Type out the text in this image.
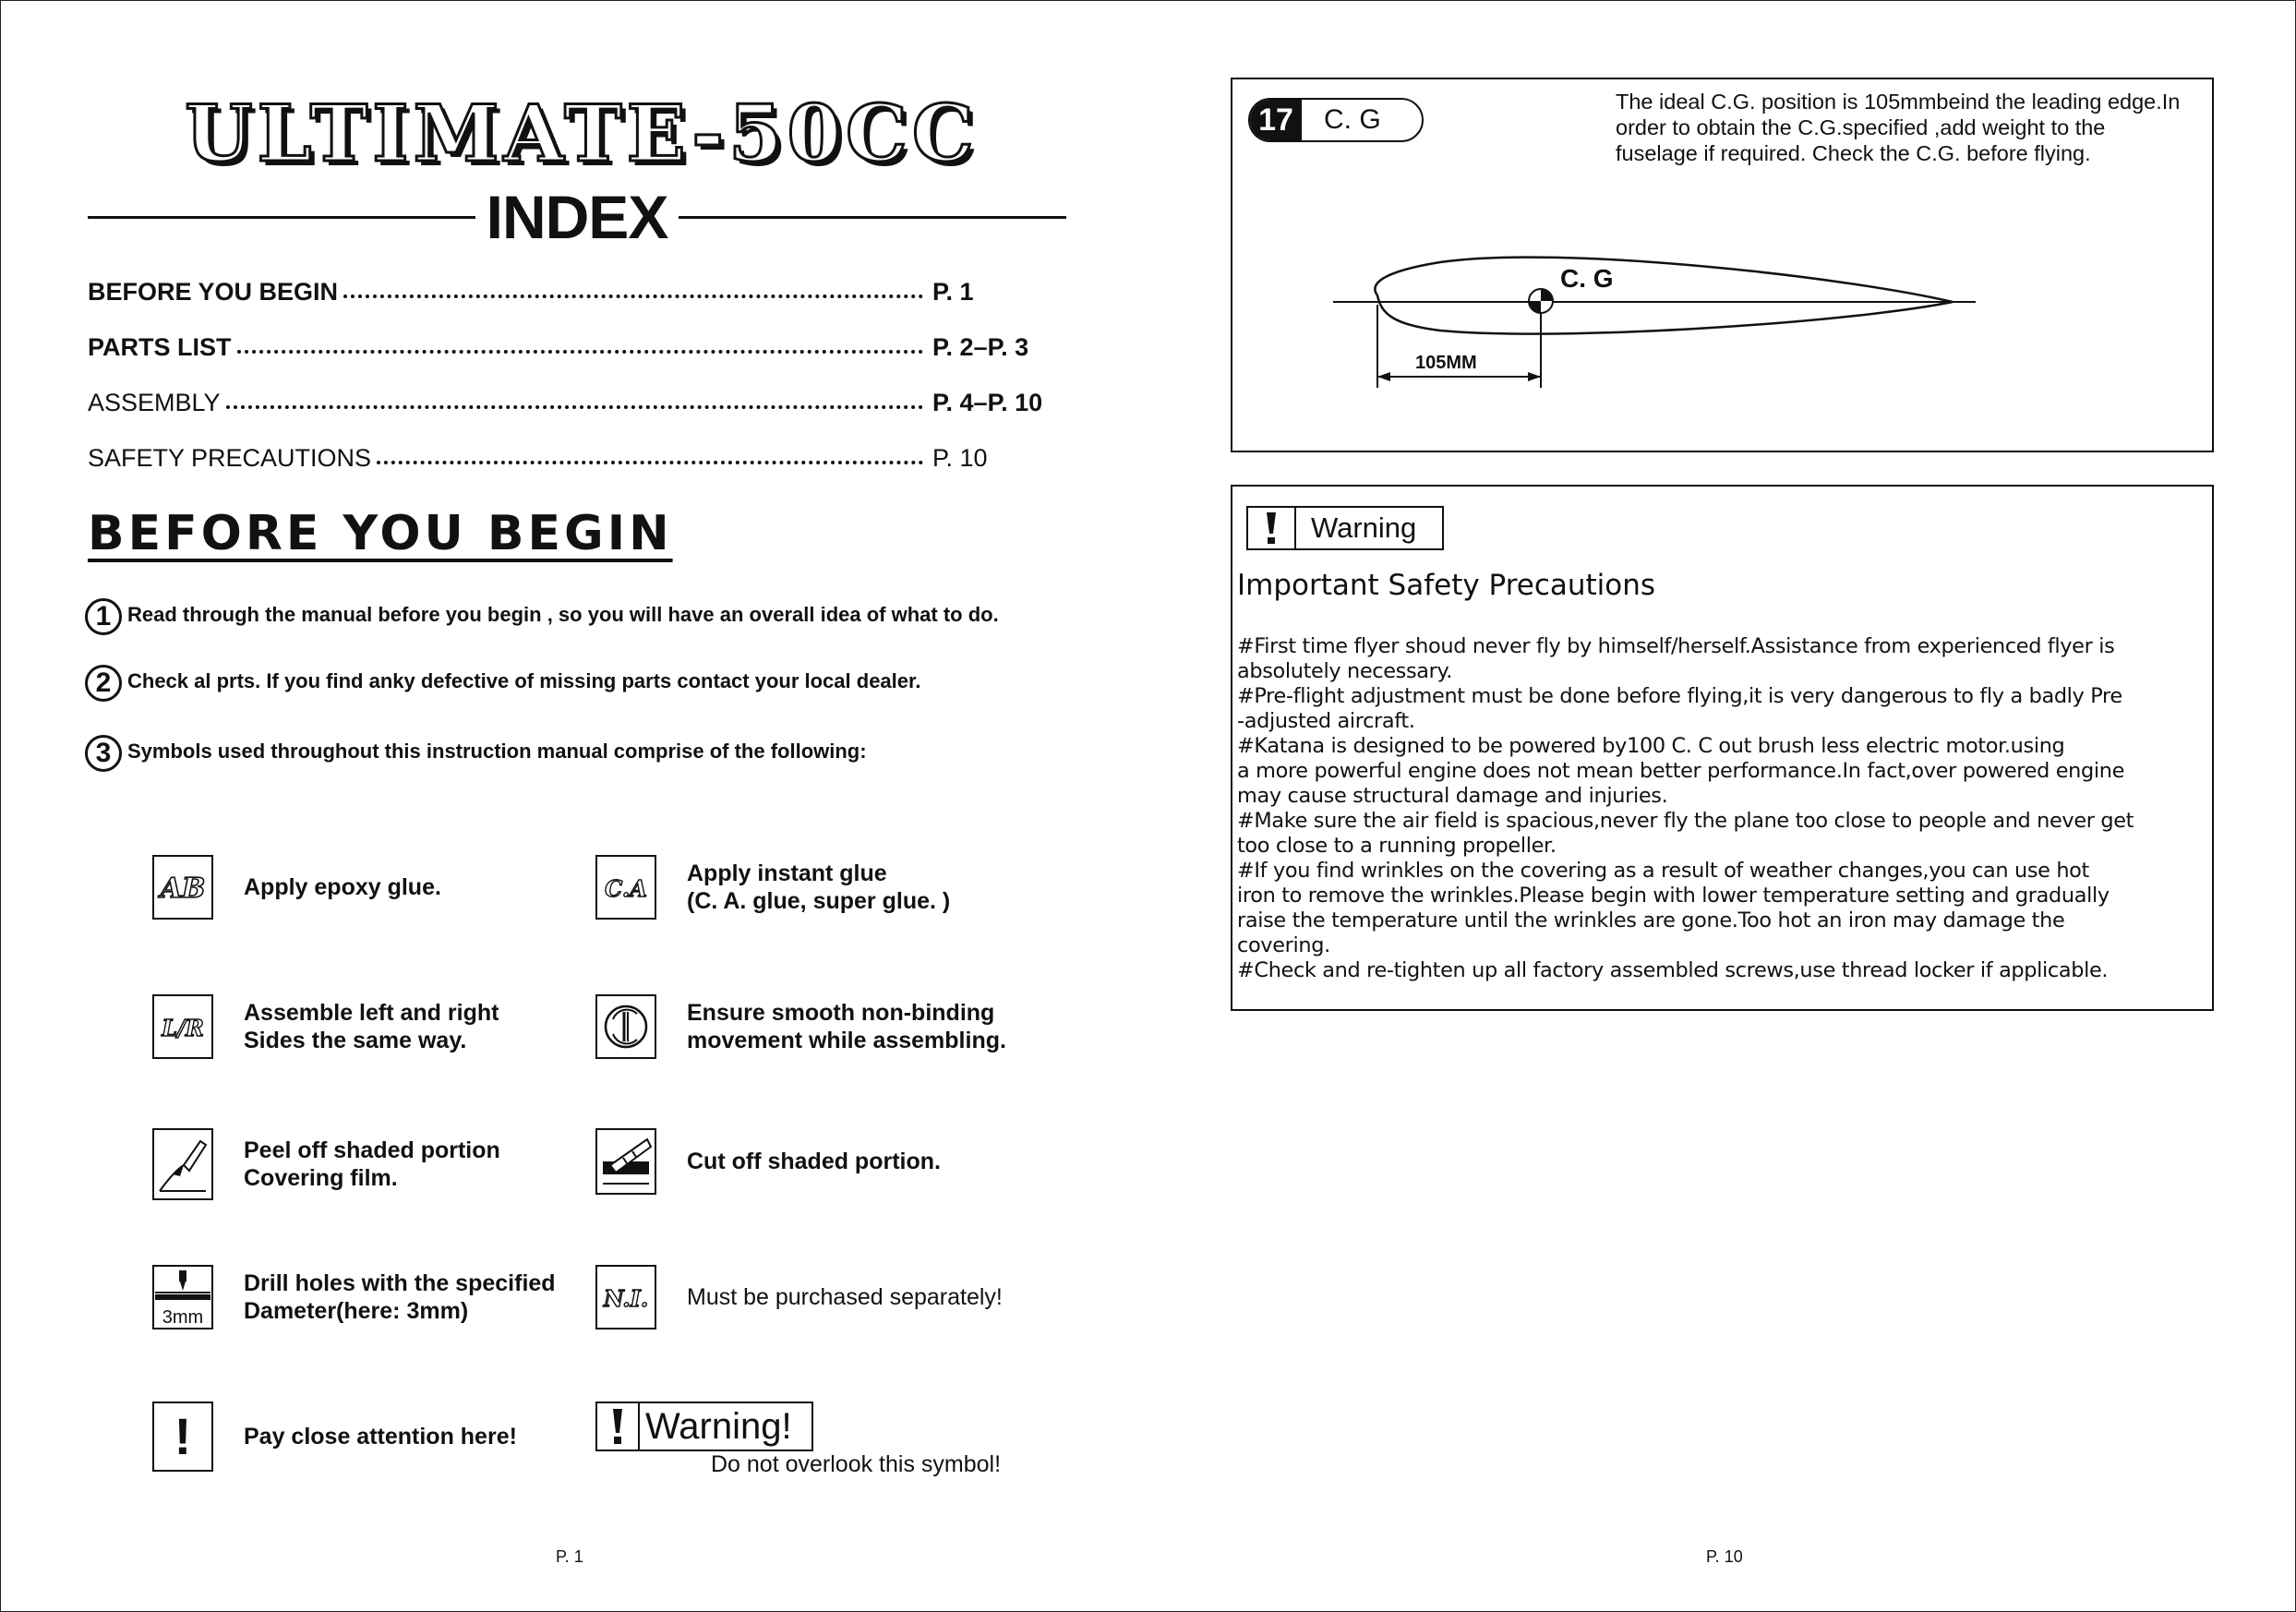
ULTIMATE-50CC
INDEX
BEFORE YOU BEGIN	P. 1
PARTS LIST	P. 2–P. 3
ASSEMBLY	P. 4–P. 10
SAFETY PRECAUTIONS	P. 10
BEFORE YOU BEGIN
1 Read through the manual before you begin , so you will have an overall idea of what to do.
2 Check al prts. If you find anky defective of missing parts contact your local dealer.
3 Symbols used throughout this instruction manual comprise of the following:
AB Apply epoxy glue.	C.A
Apply instant glue
(C. A. glue, super glue. )
L/R
Assemble left and right
Sides the same way.
Ensure smooth non-binding
movement while assembling.
Peel off shaded portion
Covering film.
Cut off shaded portion.
3mm
Drill holes with the specified
Dameter(here: 3mm)	N.I. Must be purchased separately!
! Pay close attention here!	Warning!
Do not overlook this symbol!
P. 1
17	C. G
The ideal C.G. position is 105mmbeind the leading edge.In order to obtain the C.G.specified ,add weight to the fuselage if required. Check the C.G. before flying.
C. G
105MM
Warning
Important Safety Precautions
#First time flyer shoud never fly by himself/herself.Assistance from experienced flyer is
absolutely necessary.
#Pre-flight adjustment must be done before flying,it is very dangerous to fly a badly Pre
-adjusted aircraft.
#Katana is designed to be powered by100 C. C out brush less electric motor.using
a more powerful engine does not mean better performance.In fact,over powered engine
may cause structural damage and injuries.
#Make sure the air field is spacious,never fly the plane too close to people and never get
too close to a running propeller.
#If you find wrinkles on the covering as a result of weather changes,you can use hot
iron to remove the wrinkles.Please begin with lower temperature setting and gradually
raise the temperature until the wrinkles are gone.Too hot an iron may damage the
covering.
#Check and re-tighten up all factory assembled screws,use thread locker if applicable.
P. 10
